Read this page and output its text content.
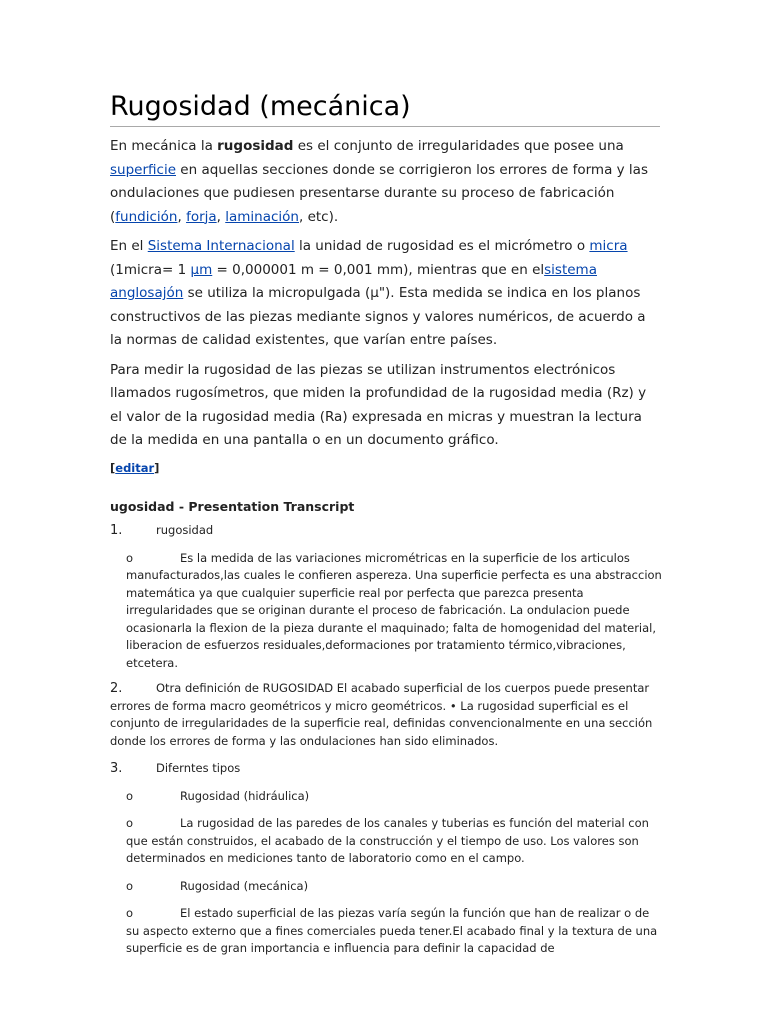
Rugosidad (mecánica)

En mecánica la rugosidad es el conjunto de irregularidades que posee una superficie en aquellas secciones donde se corrigieron los errores de forma y las ondulaciones que pudiesen presentarse durante su proceso de fabricación (fundición, forja, laminación, etc).

En el Sistema Internacional la unidad de rugosidad es el micrómetro o micra (1micra= 1 μm = 0,000001 m = 0,001 mm), mientras que en elsistema anglosajón se utiliza la micropulgada (μ"). Esta medida se indica en los planos constructivos de las piezas mediante signos y valores numéricos, de acuerdo a la normas de calidad existentes, que varían entre países.

Para medir la rugosidad de las piezas se utilizan instrumentos electrónicos llamados rugosímetros, que miden la profundidad de la rugosidad media (Rz) y el valor de la rugosidad media (Ra) expresada en micras y muestran la lectura de la medida en una pantalla o en un documento gráfico.

[editar]
ugosidad - Presentation Transcript
1.	rugosidad
o	Es la medida de las variaciones micrométricas en la superficie de los articulos manufacturados,las cuales le confieren aspereza. Una superficie perfecta es una abstraccion matemática ya que cualquier superficie real por perfecta que parezca presenta irregularidades que se originan durante el proceso de fabricación. La ondulacion puede ocasionarla la flexion de la pieza durante el maquinado; falta de homogenidad del material, liberacion de esfuerzos residuales,deformaciones por tratamiento térmico,vibraciones, etcetera.
2.	Otra definición de RUGOSIDAD El acabado superficial de los cuerpos puede presentar errores de forma macro geométricos y micro geométricos. • La rugosidad superficial es el conjunto de irregularidades de la superficie real, definidas convencionalmente en una sección donde los errores de forma y las ondulaciones han sido eliminados.
3.	Diferntes tipos
o	Rugosidad (hidráulica)
o	La rugosidad de las paredes de los canales y tuberias es función del material con que están construidos, el acabado de la construcción y el tiempo de uso. Los valores son determinados en mediciones tanto de laboratorio como en el campo.
o	Rugosidad (mecánica)
o	El estado superficial de las piezas varía según la función que han de realizar o de su aspecto externo que a fines comerciales pueda tener.El acabado final y la textura de una superficie es de gran importancia e influencia para definir la capacidad de
